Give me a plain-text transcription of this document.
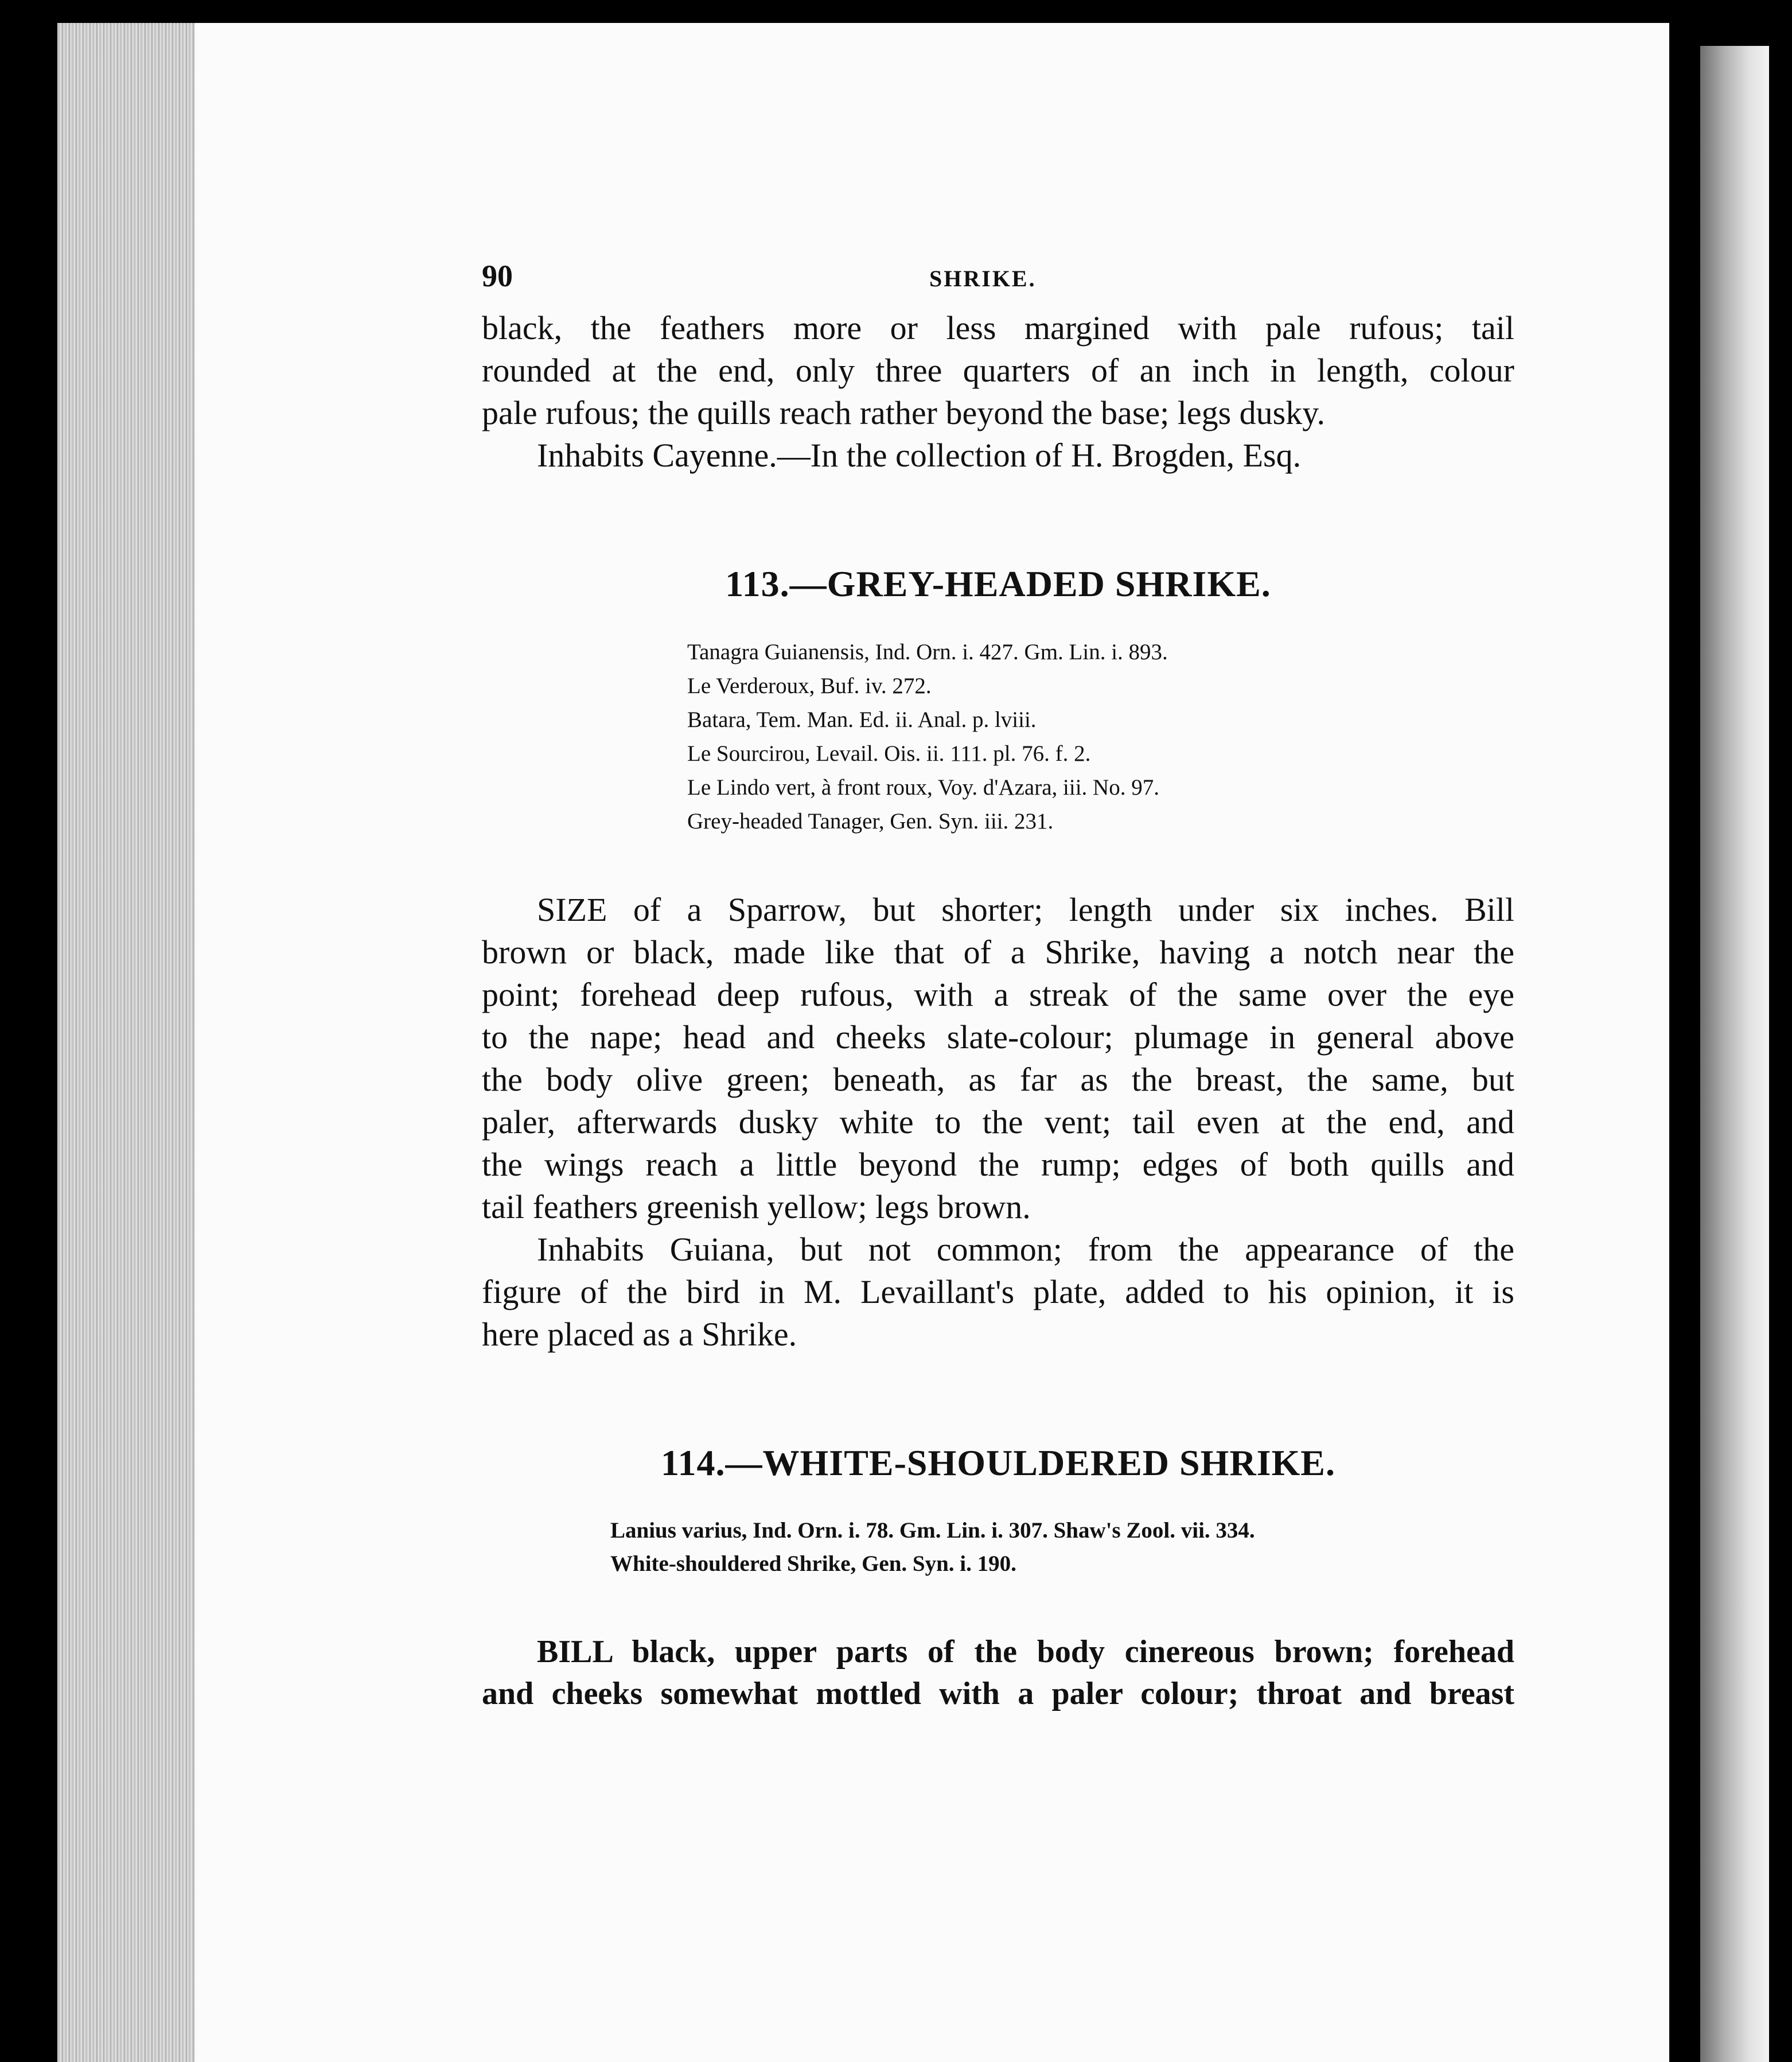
90	SHRIKE.
black, the feathers more or less margined with pale rufous; tail
rounded at the end, only three quarters of an inch in length, colour
pale rufous; the quills reach rather beyond the base; legs dusky.
Inhabits Cayenne.—In the collection of H. Brogden, Esq.
113.—GREY-HEADED SHRIKE.
Tanagra Guianensis, Ind. Orn. i. 427. Gm. Lin. i. 893.
Le Verderoux, Buf. iv. 272.
Batara, Tem. Man. Ed. ii. Anal. p. lviii.
Le Sourcirou, Levail. Ois. ii. 111. pl. 76. f. 2.
Le Lindo vert, à front roux, Voy. d'Azara, iii. No. 97.
Grey-headed Tanager, Gen. Syn. iii. 231.
SIZE of a Sparrow, but shorter; length under six inches. Bill
brown or black, made like that of a Shrike, having a notch near the
point; forehead deep rufous, with a streak of the same over the eye
to the nape; head and cheeks slate-colour; plumage in general above
the body olive green; beneath, as far as the breast, the same, but
paler, afterwards dusky white to the vent; tail even at the end, and
the wings reach a little beyond the rump; edges of both quills and
tail feathers greenish yellow; legs brown.
Inhabits Guiana, but not common; from the appearance of the
figure of the bird in M. Levaillant's plate, added to his opinion, it is
here placed as a Shrike.
114.—WHITE-SHOULDERED SHRIKE.
Lanius varius, Ind. Orn. i. 78. Gm. Lin. i. 307. Shaw's Zool. vii. 334.
White-shouldered Shrike, Gen. Syn. i. 190.
BILL black, upper parts of the body cinereous brown; forehead
and cheeks somewhat mottled with a paler colour; throat and breast
